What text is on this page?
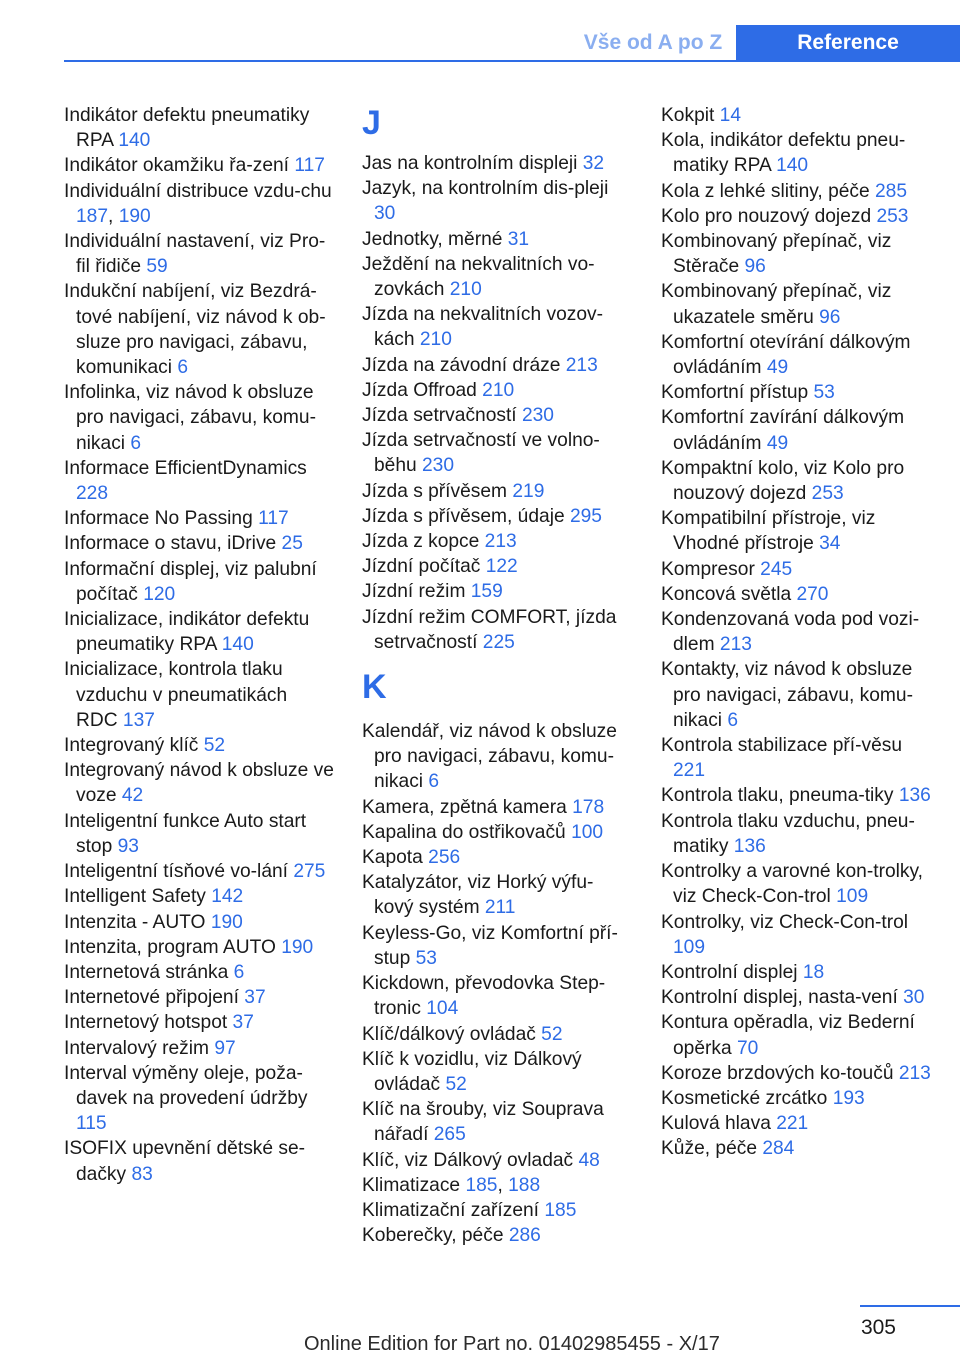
Vše od A po Z	Reference

Indikátor defektu pneumatiky RPA 140

Indikátor okamžiku řa-zení 117

Individuální distribuce vzdu-chu 187, 190

Individuální nastavení, viz Pro-fil řidiče 59

Indukční nabíjení, viz Bezdrá-tové nabíjení, viz návod k ob-sluze pro navigaci, zábavu, komunikaci 6

Infolinka, viz návod k obsluze pro navigaci, zábavu, komu-nikaci 6

Informace EfficientDynamics 228

Informace No Passing 117

Informace o stavu, iDrive 25

Informační displej, viz palubní počítač 120

Inicializace, indikátor defektu pneumatiky RPA 140

Inicializace, kontrola tlaku vzduchu v pneumatikách RDC 137

Integrovaný klíč 52

Integrovaný návod k obsluze ve voze 42

Inteligentní funkce Auto start stop 93

Inteligentní tísňové vo-lání 275

Intelligent Safety 142

Intenzita - AUTO 190

Intenzita, program AUTO 190

Internetová stránka 6

Internetové připojení 37

Internetový hotspot 37

Intervalový režim 97

Interval výměny oleje, poža-davek na provedení údržby 115

ISOFIX upevnění dětské se-dačky 83

J

Jas na kontrolním displeji 32

Jazyk, na kontrolním dis-pleji 30

Jednotky, měrné 31

Ježdění na nekvalitních vo-zovkách 210

Jízda na nekvalitních vozov-kách 210

Jízda na závodní dráze 213

Jízda Offroad 210

Jízda setrvačností 230

Jízda setrvačností ve volno-běhu 230

Jízda s přívěsem 219

Jízda s přívěsem, údaje 295

Jízda z kopce 213

Jízdní počítač 122

Jízdní režim 159

Jízdní režim COMFORT, jízda setrvačností 225

K

Kalendář, viz návod k obsluze pro navigaci, zábavu, komu-nikaci 6

Kamera, zpětná kamera 178

Kapalina do ostřikovačů 100

Kapota 256

Katalyzátor, viz Horký výfu-kový systém 211

Keyless-Go, viz Komfortní pří-stup 53

Kickdown, převodovka Step-tronic 104

Klíč/dálkový ovládač 52

Klíč k vozidlu, viz Dálkový ovládač 52

Klíč na šrouby, viz Souprava nářadí 265

Klíč, viz Dálkový ovladač 48

Klimatizace 185, 188

Klimatizační zařízení 185

Koberečky, péče 286

Kokpit 14

Kola, indikátor defektu pneu-matiky RPA 140

Kola z lehké slitiny, péče 285

Kolo pro nouzový dojezd 253

Kombinovaný přepínač, viz Stěrače 96

Kombinovaný přepínač, viz ukazatele směru 96

Komfortní otevírání dálkovým ovládáním 49

Komfortní přístup 53

Komfortní zavírání dálkovým ovládáním 49

Kompaktní kolo, viz Kolo pro nouzový dojezd 253

Kompatibilní přístroje, viz Vhodné přístroje 34

Kompresor 245

Koncová světla 270

Kondenzovaná voda pod vozi-dlem 213

Kontakty, viz návod k obsluze pro navigaci, zábavu, komu-nikaci 6

Kontrola stabilizace pří-věsu 221

Kontrola tlaku, pneuma-tiky 136

Kontrola tlaku vzduchu, pneu-matiky 136

Kontrolky a varovné kon-trolky, viz Check-Con-trol 109

Kontrolky, viz Check-Con-trol 109

Kontrolní displej 18

Kontrolní displej, nasta-vení 30

Kontura opěradla, viz Bederní opěrka 70

Koroze brzdových ko-toučů 213

Kosmetické zrcátko 193

Kulová hlava 221

Kůže, péče 284

305
Online Edition for Part no. 01402985455 - X/17
